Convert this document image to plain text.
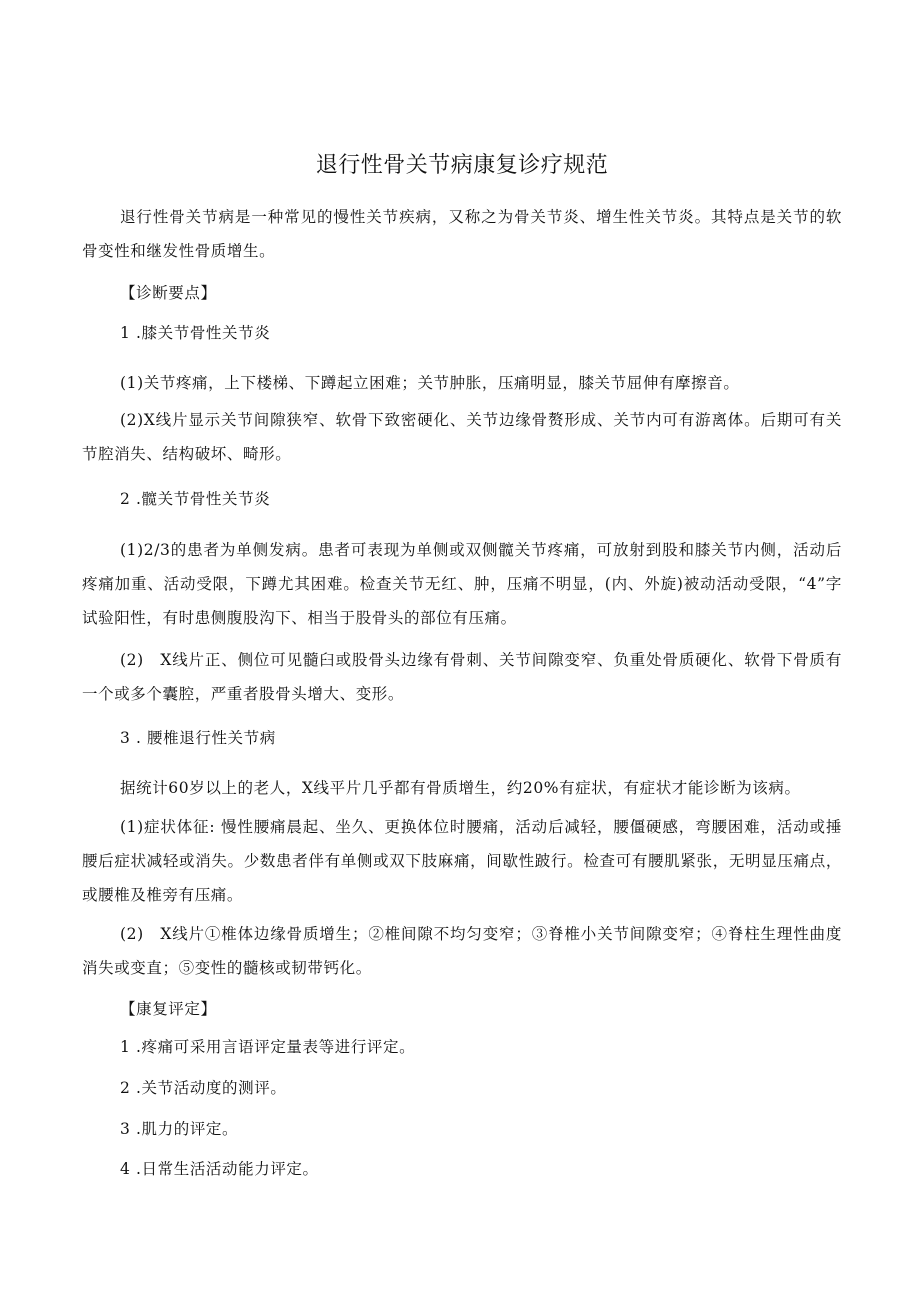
退行性骨关节病康复诊疗规范
退行性骨关节病是一种常见的慢性关节疾病，又称之为骨关节炎、增生性关节炎。其特点是关节的软骨变性和继发性骨质增生。
【诊断要点】
1 .膝关节骨性关节炎
(1)关节疼痛，上下楼梯、下蹲起立困难；关节肿胀，压痛明显，膝关节屈伸有摩擦音。
(2)X线片显示关节间隙狭窄、软骨下致密硬化、关节边缘骨赘形成、关节内可有游离体。后期可有关节腔消失、结构破坏、畸形。
2 .髋关节骨性关节炎
(1)2/3的患者为单侧发病。患者可表现为单侧或双侧髋关节疼痛，可放射到股和膝关节内侧，活动后疼痛加重、活动受限，下蹲尤其困难。检查关节无红、肿，压痛不明显，(内、外旋)被动活动受限，“4”字试验阳性，有时患侧腹股沟下、相当于股骨头的部位有压痛。
(2)　X线片正、侧位可见髓臼或股骨头边缘有骨刺、关节间隙变窄、负重处骨质硬化、软骨下骨质有一个或多个囊腔，严重者股骨头增大、变形。
3 . 腰椎退行性关节病
据统计60岁以上的老人，X线平片几乎都有骨质增生，约20%有症状，有症状才能诊断为该病。
(1)症状体征: 慢性腰痛晨起、坐久、更换体位时腰痛，活动后减轻，腰僵硬感，弯腰困难，活动或捶腰后症状减轻或消失。少数患者伴有单侧或双下肢麻痛，间歇性跛行。检查可有腰肌紧张，无明显压痛点，或腰椎及椎旁有压痛。
(2)　X线片①椎体边缘骨质增生；②椎间隙不均匀变窄；③脊椎小关节间隙变窄；④脊柱生理性曲度消失或变直；⑤变性的髓核或韧带钙化。
【康复评定】
1 .疼痛可采用言语评定量表等进行评定。
2 .关节活动度的测评。
3 .肌力的评定。
4 .日常生活活动能力评定。
